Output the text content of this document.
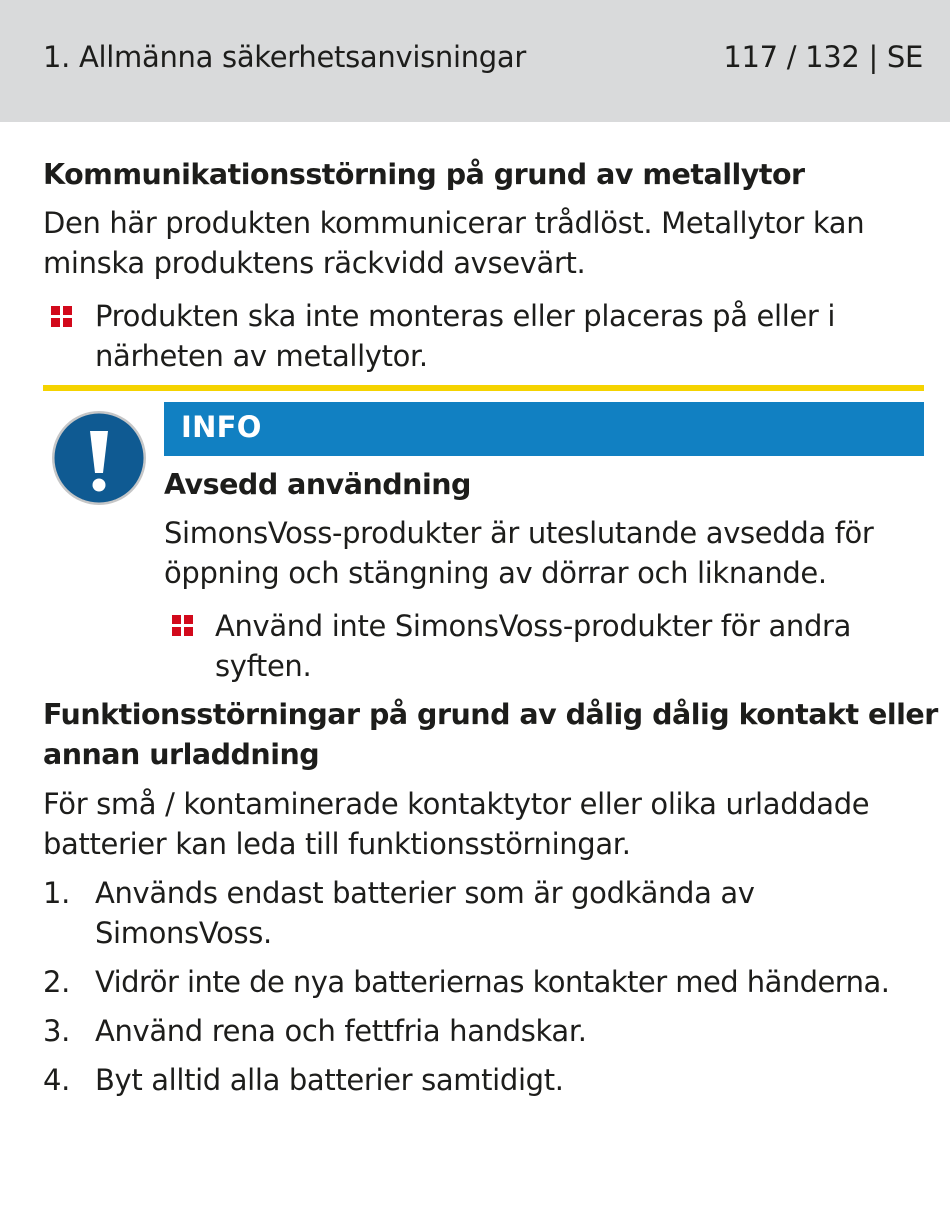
1. Allmänna säkerhetsanvisningar	117 / 132 | SE
Kommunikationsstörning på grund av metallytor
Den här produkten kommunicerar trådlöst. Metallytor kan
minska produktens räckvidd avsevärt.
Produkten ska inte monteras eller placeras på eller i
närheten av metallytor.
INFO
Avsedd användning
SimonsVoss-produkter är uteslutande avsedda för
öppning och stängning av dörrar och liknande.
Använd inte SimonsVoss-produkter för andra
syften.
Funktionsstörningar på grund av dålig dålig kontakt eller
annan urladdning
För små / kontaminerade kontaktytor eller olika urladdade
batterier kan leda till funktionsstörningar.
1. Används endast batterier som är godkända av
SimonsVoss.
2. Vidrör inte de nya batteriernas kontakter med händerna.
3. Använd rena och fettfria handskar.
4. Byt alltid alla batterier samtidigt.
